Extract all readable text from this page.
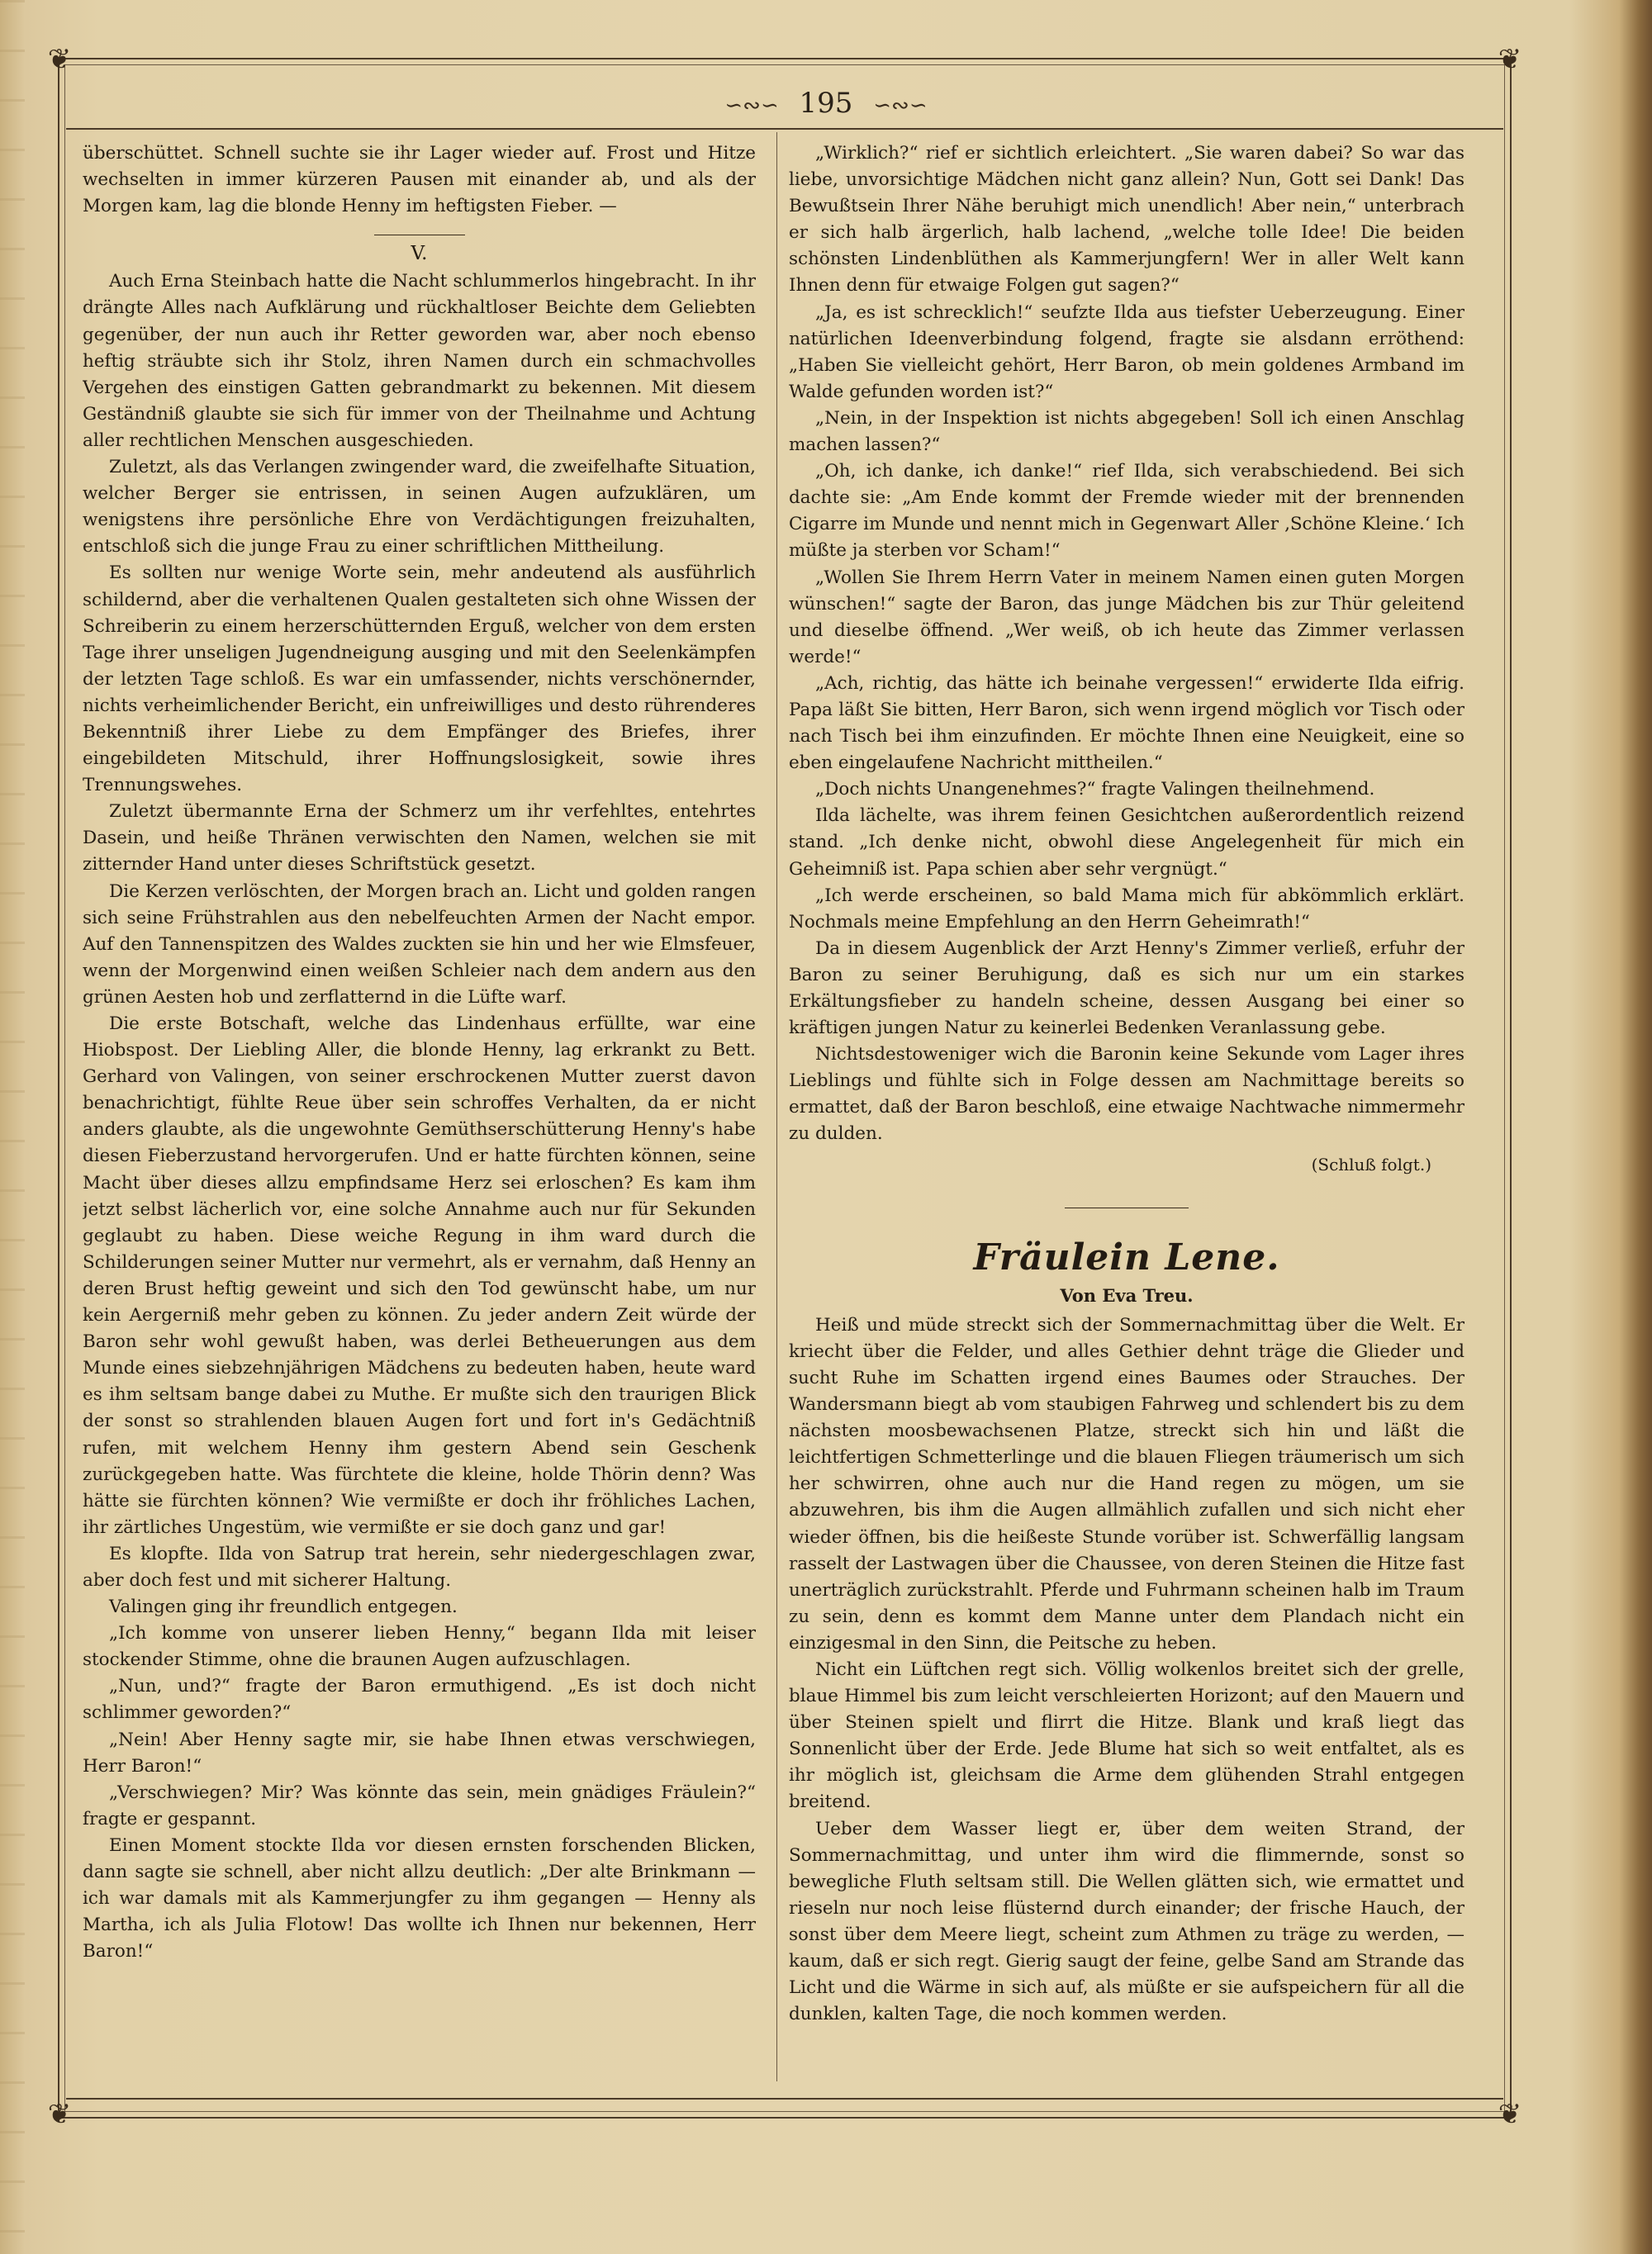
❦	❦
❦	❦
∽∾∽ 195 ∽∾∽

überschüttet. Schnell suchte sie ihr Lager wieder auf. Frost und Hitze wechselten in immer kürzeren Pausen mit einander ab, und als der Morgen kam, lag die blonde Henny im heftigsten Fieber. —

V.

Auch Erna Steinbach hatte die Nacht schlummerlos hingebracht. In ihr drängte Alles nach Aufklärung und rückhaltloser Beichte dem Geliebten gegenüber, der nun auch ihr Retter geworden war, aber noch ebenso heftig sträubte sich ihr Stolz, ihren Namen durch ein schmachvolles Vergehen des einstigen Gatten gebrandmarkt zu bekennen. Mit diesem Geständniß glaubte sie sich für immer von der Theilnahme und Achtung aller rechtlichen Menschen ausgeschieden.

Zuletzt, als das Verlangen zwingender ward, die zweifelhafte Situation, welcher Berger sie entrissen, in seinen Augen aufzuklären, um wenigstens ihre persönliche Ehre von Verdächtigungen freizuhalten, entschloß sich die junge Frau zu einer schriftlichen Mittheilung.

Es sollten nur wenige Worte sein, mehr andeutend als ausführlich schildernd, aber die verhaltenen Qualen gestalteten sich ohne Wissen der Schreiberin zu einem herzerschütternden Erguß, welcher von dem ersten Tage ihrer unseligen Jugendneigung ausging und mit den Seelenkämpfen der letzten Tage schloß. Es war ein umfassender, nichts verschönernder, nichts verheimlichender Bericht, ein unfreiwilliges und desto rührenderes Bekenntniß ihrer Liebe zu dem Empfänger des Briefes, ihrer eingebildeten Mitschuld, ihrer Hoffnungslosigkeit, sowie ihres Trennungswehes.

Zuletzt übermannte Erna der Schmerz um ihr verfehltes, entehrtes Dasein, und heiße Thränen verwischten den Namen, welchen sie mit zitternder Hand unter dieses Schriftstück gesetzt.

Die Kerzen verlöschten, der Morgen brach an. Licht und golden rangen sich seine Frühstrahlen aus den nebelfeuchten Armen der Nacht empor. Auf den Tannenspitzen des Waldes zuckten sie hin und her wie Elmsfeuer, wenn der Morgenwind einen weißen Schleier nach dem andern aus den grünen Aesten hob und zerflatternd in die Lüfte warf.

Die erste Botschaft, welche das Lindenhaus erfüllte, war eine Hiobspost. Der Liebling Aller, die blonde Henny, lag erkrankt zu Bett. Gerhard von Valingen, von seiner erschrockenen Mutter zuerst davon benachrichtigt, fühlte Reue über sein schroffes Verhalten, da er nicht anders glaubte, als die ungewohnte Gemüthserschütterung Henny's habe diesen Fieberzustand hervorgerufen. Und er hatte fürchten können, seine Macht über dieses allzu empfindsame Herz sei erloschen? Es kam ihm jetzt selbst lächerlich vor, eine solche Annahme auch nur für Sekunden geglaubt zu haben. Diese weiche Regung in ihm ward durch die Schilderungen seiner Mutter nur vermehrt, als er vernahm, daß Henny an deren Brust heftig geweint und sich den Tod gewünscht habe, um nur kein Aergerniß mehr geben zu können. Zu jeder andern Zeit würde der Baron sehr wohl gewußt haben, was derlei Betheuerungen aus dem Munde eines siebzehnjährigen Mädchens zu bedeuten haben, heute ward es ihm seltsam bange dabei zu Muthe. Er mußte sich den traurigen Blick der sonst so strahlenden blauen Augen fort und fort in's Gedächtniß rufen, mit welchem Henny ihm gestern Abend sein Geschenk zurückgegeben hatte. Was fürchtete die kleine, holde Thörin denn? Was hätte sie fürchten können? Wie vermißte er doch ihr fröhliches Lachen, ihr zärtliches Ungestüm, wie vermißte er sie doch ganz und gar!

Es klopfte. Ilda von Satrup trat herein, sehr niedergeschlagen zwar, aber doch fest und mit sicherer Haltung.

Valingen ging ihr freundlich entgegen.

„Ich komme von unserer lieben Henny,“ begann Ilda mit leiser stockender Stimme, ohne die braunen Augen aufzuschlagen.

„Nun, und?“ fragte der Baron ermuthigend. „Es ist doch nicht schlimmer geworden?“

„Nein! Aber Henny sagte mir, sie habe Ihnen etwas verschwiegen, Herr Baron!“

„Verschwiegen? Mir? Was könnte das sein, mein gnädiges Fräulein?“ fragte er gespannt.

Einen Moment stockte Ilda vor diesen ernsten forschenden Blicken, dann sagte sie schnell, aber nicht allzu deutlich: „Der alte Brinkmann — ich war damals mit als Kammerjungfer zu ihm gegangen — Henny als Martha, ich als Julia Flotow! Das wollte ich Ihnen nur bekennen, Herr Baron!“

„Wirklich?“ rief er sichtlich erleichtert. „Sie waren dabei? So war das liebe, unvorsichtige Mädchen nicht ganz allein? Nun, Gott sei Dank! Das Bewußtsein Ihrer Nähe beruhigt mich unendlich! Aber nein,“ unterbrach er sich halb ärgerlich, halb lachend, „welche tolle Idee! Die beiden schönsten Lindenblüthen als Kammerjungfern! Wer in aller Welt kann Ihnen denn für etwaige Folgen gut sagen?“

„Ja, es ist schrecklich!“ seufzte Ilda aus tiefster Ueberzeugung. Einer natürlichen Ideenverbindung folgend, fragte sie alsdann erröthend: „Haben Sie vielleicht gehört, Herr Baron, ob mein goldenes Armband im Walde gefunden worden ist?“

„Nein, in der Inspektion ist nichts abgegeben! Soll ich einen Anschlag machen lassen?“

„Oh, ich danke, ich danke!“ rief Ilda, sich verabschiedend. Bei sich dachte sie: „Am Ende kommt der Fremde wieder mit der brennenden Cigarre im Munde und nennt mich in Gegenwart Aller ‚Schöne Kleine.‘ Ich müßte ja sterben vor Scham!“

„Wollen Sie Ihrem Herrn Vater in meinem Namen einen guten Morgen wünschen!“ sagte der Baron, das junge Mädchen bis zur Thür geleitend und dieselbe öffnend. „Wer weiß, ob ich heute das Zimmer verlassen werde!“

„Ach, richtig, das hätte ich beinahe vergessen!“ erwiderte Ilda eifrig. Papa läßt Sie bitten, Herr Baron, sich wenn irgend möglich vor Tisch oder nach Tisch bei ihm einzufinden. Er möchte Ihnen eine Neuigkeit, eine so eben eingelaufene Nachricht mittheilen.“

„Doch nichts Unangenehmes?“ fragte Valingen theilnehmend.

Ilda lächelte, was ihrem feinen Gesichtchen außerordentlich reizend stand. „Ich denke nicht, obwohl diese Angelegenheit für mich ein Geheimniß ist. Papa schien aber sehr vergnügt.“

„Ich werde erscheinen, so bald Mama mich für abkömmlich erklärt. Nochmals meine Empfehlung an den Herrn Geheimrath!“

Da in diesem Augenblick der Arzt Henny's Zimmer verließ, erfuhr der Baron zu seiner Beruhigung, daß es sich nur um ein starkes Erkältungsfieber zu handeln scheine, dessen Ausgang bei einer so kräftigen jungen Natur zu keinerlei Bedenken Veranlassung gebe.

Nichtsdestoweniger wich die Baronin keine Sekunde vom Lager ihres Lieblings und fühlte sich in Folge dessen am Nachmittage bereits so ermattet, daß der Baron beschloß, eine etwaige Nachtwache nimmermehr zu dulden.

(Schluß folgt.)
Fräulein Lene.
Von Eva Treu.

Heiß und müde streckt sich der Sommernachmittag über die Welt. Er kriecht über die Felder, und alles Gethier dehnt träge die Glieder und sucht Ruhe im Schatten irgend eines Baumes oder Strauches. Der Wandersmann biegt ab vom staubigen Fahrweg und schlendert bis zu dem nächsten moosbewachsenen Platze, streckt sich hin und läßt die leichtfertigen Schmetterlinge und die blauen Fliegen träumerisch um sich her schwirren, ohne auch nur die Hand regen zu mögen, um sie abzuwehren, bis ihm die Augen allmählich zufallen und sich nicht eher wieder öffnen, bis die heißeste Stunde vorüber ist. Schwerfällig langsam rasselt der Lastwagen über die Chaussee, von deren Steinen die Hitze fast unerträglich zurückstrahlt. Pferde und Fuhrmann scheinen halb im Traum zu sein, denn es kommt dem Manne unter dem Plandach nicht ein einzigesmal in den Sinn, die Peitsche zu heben.

Nicht ein Lüftchen regt sich. Völlig wolkenlos breitet sich der grelle, blaue Himmel bis zum leicht verschleierten Horizont; auf den Mauern und über Steinen spielt und flirrt die Hitze. Blank und kraß liegt das Sonnenlicht über der Erde. Jede Blume hat sich so weit entfaltet, als es ihr möglich ist, gleichsam die Arme dem glühenden Strahl entgegen breitend.

Ueber dem Wasser liegt er, über dem weiten Strand, der Sommernachmittag, und unter ihm wird die flimmernde, sonst so bewegliche Fluth seltsam still. Die Wellen glätten sich, wie ermattet und rieseln nur noch leise flüsternd durch einander; der frische Hauch, der sonst über dem Meere liegt, scheint zum Athmen zu träge zu werden, — kaum, daß er sich regt. Gierig saugt der feine, gelbe Sand am Strande das Licht und die Wärme in sich auf, als müßte er sie aufspeichern für all die dunklen, kalten Tage, die noch kommen werden.
